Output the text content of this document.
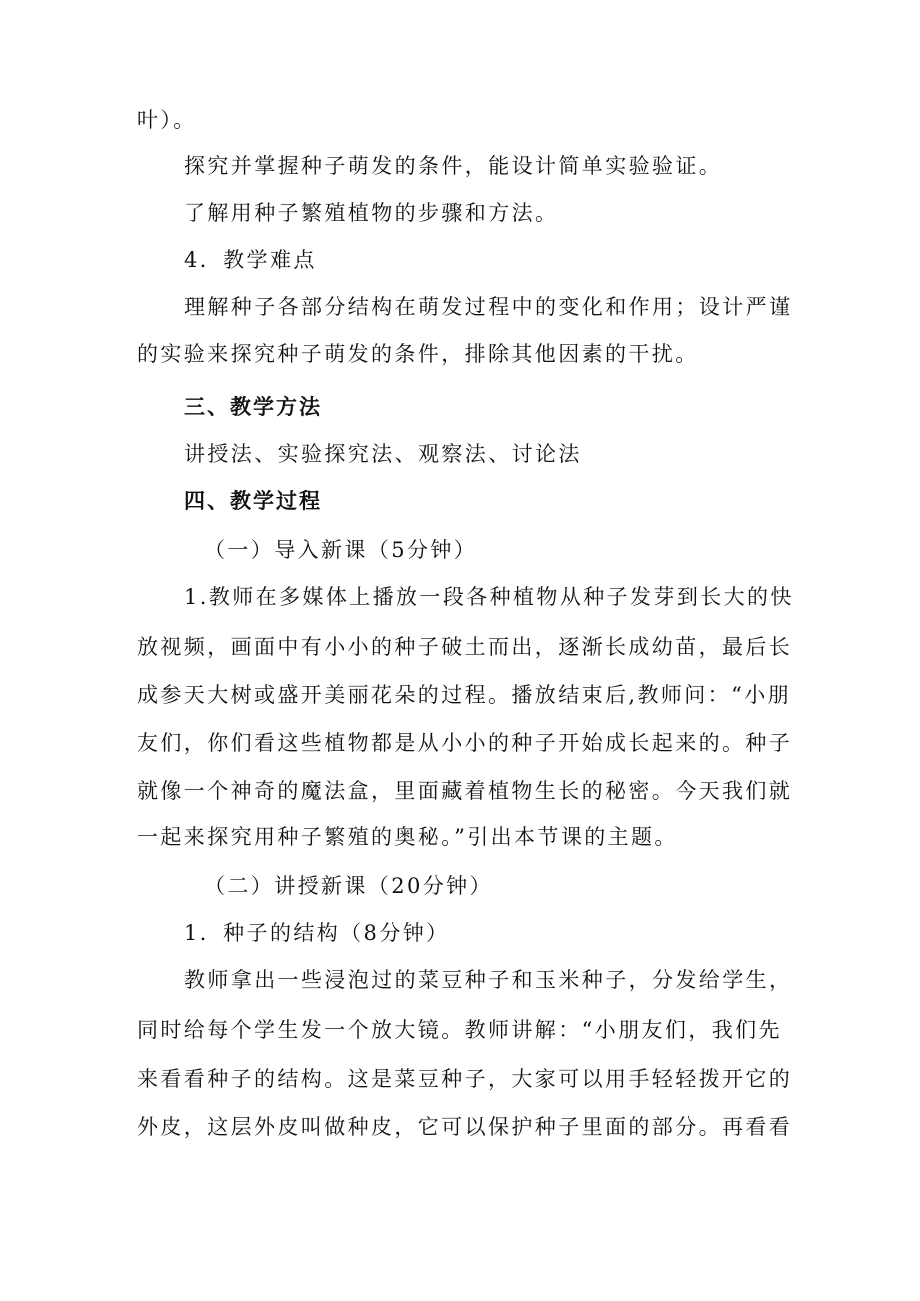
叶）。
探究并掌握种子萌发的条件，能设计简单实验验证。
了解用种子繁殖植物的步骤和方法。
4．教学难点
理解种子各部分结构在萌发过程中的变化和作用；设计严谨
的实验来探究种子萌发的条件，排除其他因素的干扰。
三、教学方法
讲授法、实验探究法、观察法、讨论法
四、教学过程
（一）导入新课（5分钟）
1.教师在多媒体上播放一段各种植物从种子发芽到长大的快
放视频，画面中有小小的种子破土而出，逐渐长成幼苗，最后长
成参天大树或盛开美丽花朵的过程。播放结束后,教师问：“小朋
友们，你们看这些植物都是从小小的种子开始成长起来的。种子
就像一个神奇的魔法盒，里面藏着植物生长的秘密。今天我们就
一起来探究用种子繁殖的奥秘。”引出本节课的主题。
（二）讲授新课（20分钟）
1．种子的结构（8分钟）
教师拿出一些浸泡过的菜豆种子和玉米种子，分发给学生，
同时给每个学生发一个放大镜。教师讲解：“小朋友们，我们先
来看看种子的结构。这是菜豆种子，大家可以用手轻轻拨开它的
外皮，这层外皮叫做种皮，它可以保护种子里面的部分。再看看
